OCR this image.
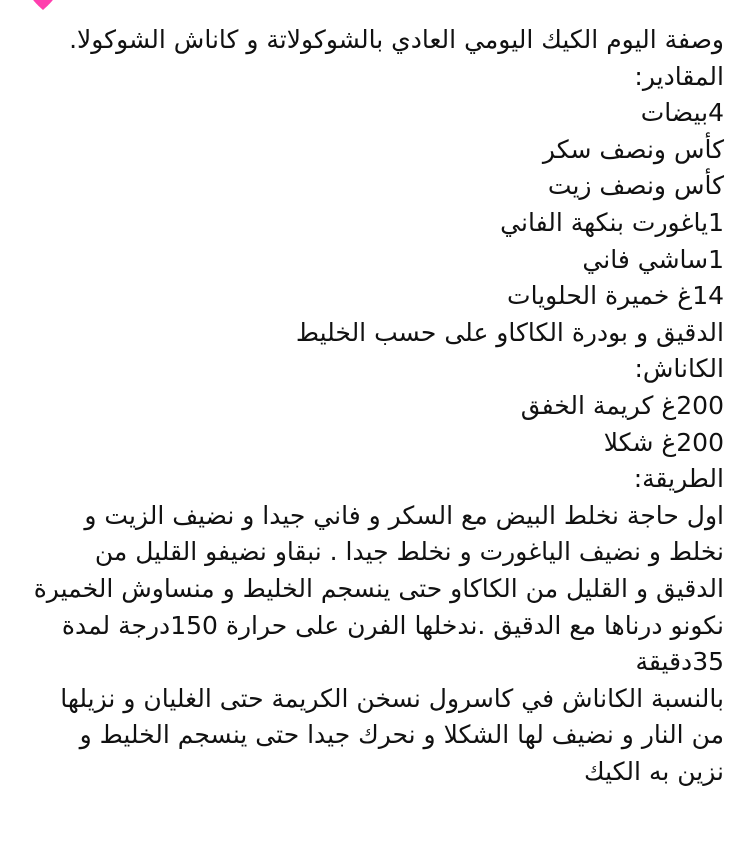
وصفة اليوم الكيك اليومي العادي بالشوكولاتة و كاناش الشوكولا.
المقادير:
4بيضات
كأس ونصف سكر
كأس ونصف زيت
1ياغورت بنكهة الفاني
1ساشي فاني
14غ خميرة الحلويات
الدقيق و بودرة الكاكاو على حسب الخليط
الكاناش:
200غ كريمة الخفق
200غ شكلا
الطريقة:
اول حاجة نخلط البيض مع السكر و فاني جيدا و نضيف الزيت و نخلط و نضيف الياغورت و نخلط جيدا . نبقاو نضيفو القليل من الدقيق و القليل من الكاكاو حتى ينسجم الخليط و منساوش الخميرة نكونو درناها مع الدقيق .ندخلها الفرن على حرارة 150درجة لمدة 35دقيقة
بالنسبة الكاناش في كاسرول نسخن الكريمة حتى الغليان و نزيلها من النار و نضيف لها الشكلا و نحرك جيدا حتى ينسجم الخليط و نزين به الكيك
